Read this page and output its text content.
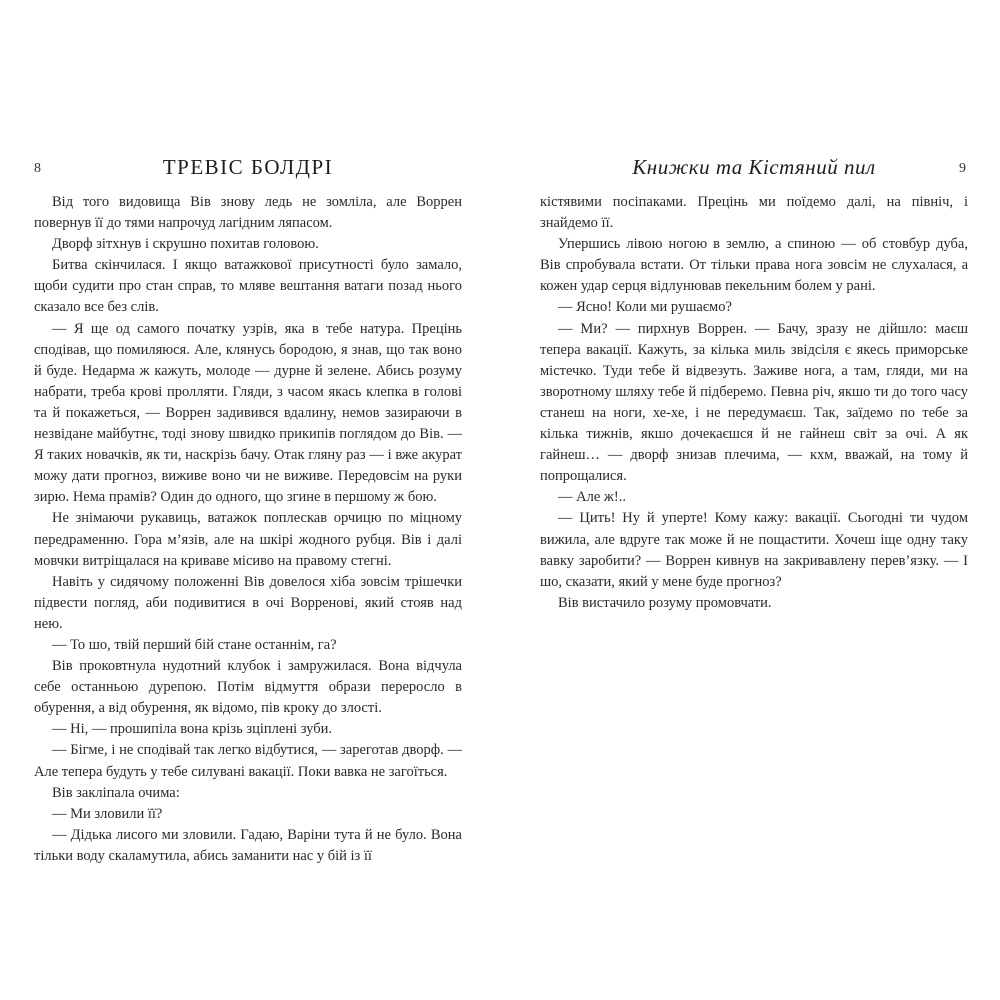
8	ТРЕВІС БОЛДРІ

Від того видовища Вів знову ледь не зомліла, але Воррен повернув її до тями напрочуд лагідним ляпасом.

Дворф зітхнув і скрушно похитав головою.

Битва скінчилася. І якщо ватажкової присутності було замало, щоби судити про стан справ, то мляве вештання ватаги позад нього сказало все без слів.

— Я ще од самого початку узрів, яка в тебе натура. Прецінь сподівав, що помиляюся. Але, клянусь бородою, я знав, що так воно й буде. Недарма ж кажуть, молоде — дурне й зелене. Абись розуму набрати, треба крові пролляти. Гляди, з часом якась клепка в голові та й покажеться, — Воррен задивився вдалину, немов зазираючи в незвідане майбутнє, тоді знову швидко прикипів поглядом до Вів. — Я таких новачків, як ти, наскрізь бачу. Отак гляну раз — і вже акурат можу дати прогноз, виживе воно чи не виживе. Передовсім на руки зирю. Нема прамів? Один до одного, що згине в першому ж бою.

Не знімаючи рукавиць, ватажок поплескав орчицю по міцному передраменню. Гора м’язів, але на шкірі жодного рубця. Вів і далі мовчки витріщалася на криваве місиво на правому стегні.

Навіть у сидячому положенні Вів довелося хіба зовсім трішечки підвести погляд, аби подивитися в очі Ворренові, який стояв над нею.

— То шо, твій перший бій стане останнім, га?

Вів проковтнула нудотний клубок і замружилася. Вона відчула себе останньою дурепою. Потім відмуття образи переросло в обурення, а від обурення, як відомо, пів кроку до злості.

— Ні, — прошипіла вона крізь зціплені зуби.

— Бігме, і не сподівай так легко відбутися, — зареготав дворф. — Але тепера будуть у тебе силувані вакації. Поки вавка не загоїться.

Вів закліпала очима:

— Ми зловили її?

— Дідька лисого ми зловили. Гадаю, Варіни тута й не було. Вона тільки воду скаламутила, абись заманити нас у бій із її

Книжки та Кістяний пил	9

кістявими посіпаками. Прецінь ми поїдемо далі, на північ, і знайдемо її.

Упершись лівою ногою в землю, а спиною — об стовбур дуба, Вів спробувала встати. От тільки права нога зовсім не слухалася, а кожен удар серця відлунював пекельним болем у рані.

— Ясно! Коли ми рушаємо?

— Ми? — пирхнув Воррен. — Бачу, зразу не дійшло: маєш тепера вакації. Кажуть, за кілька миль звідсіля є якесь приморське містечко. Туди тебе й відвезуть. Заживе нога, а там, гляди, ми на зворотному шляху тебе й підберемо. Певна річ, якшо ти до того часу станеш на ноги, хе-хе, і не передумаєш. Так, заїдемо по тебе за кілька тижнів, якшо дочекаєшся й не гайнеш світ за очі. А як гайнеш… — дворф знизав плечима, — кхм, вважай, на тому й попрощалися.

— Але ж!..

— Цить! Ну й уперте! Кому кажу: вакації. Сьогодні ти чудом вижила, але вдруге так може й не пощастити. Хочеш іще одну таку вавку заробити? — Воррен кивнув на закривавлену перев’язку. — І шо, сказати, який у мене буде прогноз?

Вів вистачило розуму промовчати.
